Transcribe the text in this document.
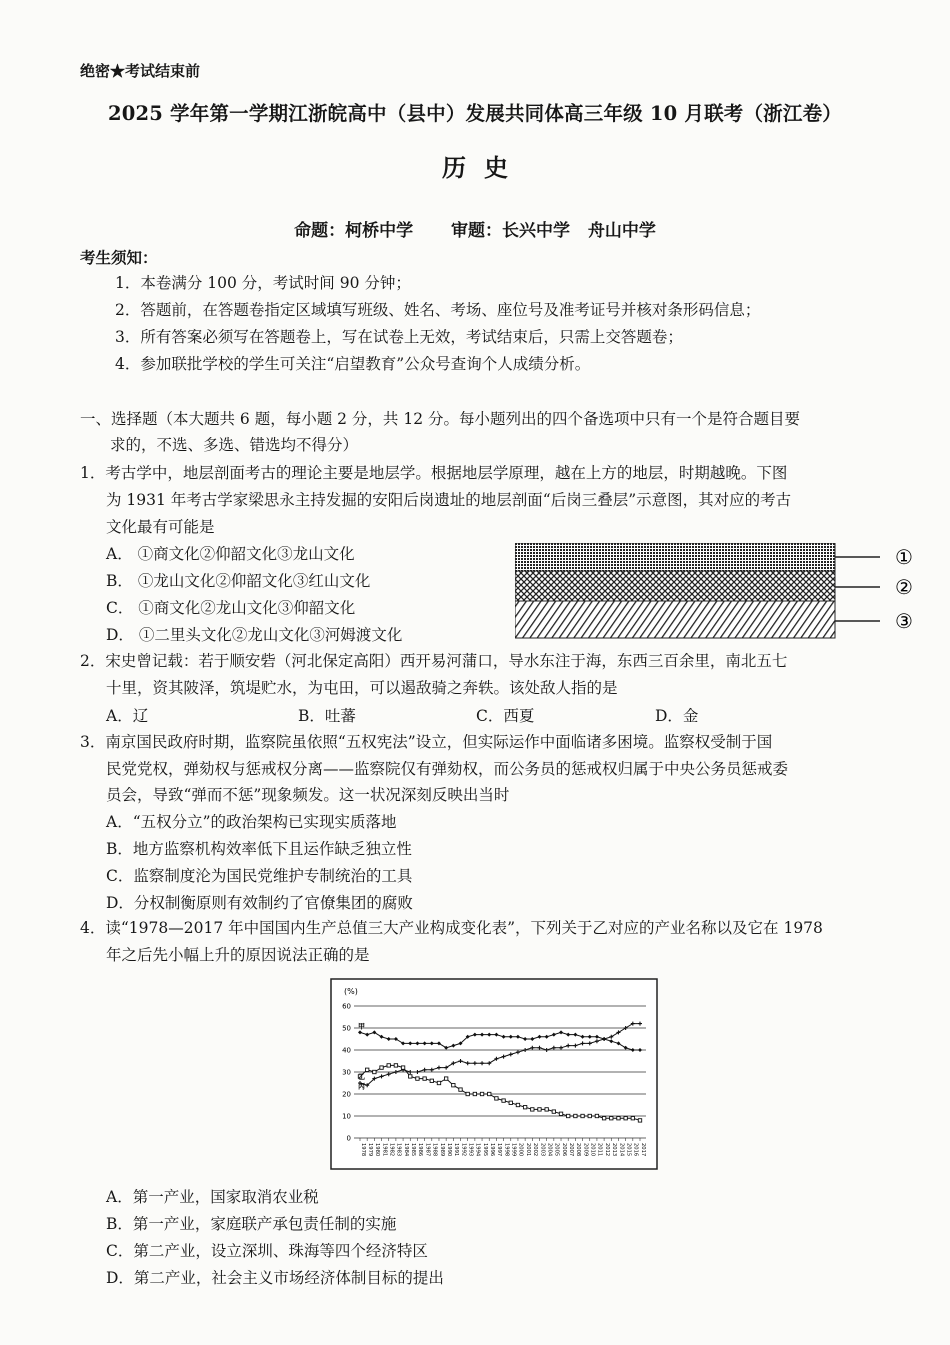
绝密★考试结束前
2025 学年第一学期江浙皖高中（县中）发展共同体高三年级 10 月联考（浙江卷）
历史
命题：柯桥中学 审题：长兴中学 舟山中学
考生须知：
1．本卷满分 100 分，考试时间 90 分钟；
2．答题前，在答题卷指定区域填写班级、姓名、考场、座位号及准考证号并核对条形码信息；
3．所有答案必须写在答题卷上，写在试卷上无效，考试结束后，只需上交答题卷；
4．参加联批学校的学生可关注“启望教育”公众号查询个人成绩分析。
一、选择题（本大题共 6 题，每小题 2 分，共 12 分。每小题列出的四个备选项中只有一个是符合题目要
求的，不选、多选、错选均不得分）
1．考古学中，地层剖面考古的理论主要是地层学。根据地层学原理，越在上方的地层，时期越晚。下图
为 1931 年考古学家梁思永主持发掘的安阳后岗遗址的地层剖面“后岗三叠层”示意图，其对应的考古
文化最有可能是
A． ①商文化②仰韶文化③龙山文化
B． ①龙山文化②仰韶文化③红山文化
C． ①商文化②龙山文化③仰韶文化
D． ①二里头文化②龙山文化③河姆渡文化
①
②
③
2．宋史曾记载：若于顺安砦（河北保定高阳）西开易河蒲口，导水东注于海，东西三百余里，南北五七
十里，资其陂泽，筑堤贮水，为屯田，可以遏敌骑之奔轶。该处敌人指的是
A．辽	B．吐蕃	C．西夏	D．金
3．南京国民政府时期，监察院虽依照“五权宪法”设立，但实际运作中面临诸多困境。监察权受制于国
民党党权，弹劾权与惩戒权分离——监察院仅有弹劾权，而公务员的惩戒权归属于中央公务员惩戒委
员会，导致“弹而不惩”现象频发。这一状况深刻反映出当时
A．“五权分立”的政治架构已实现实质落地
B．地方监察机构效率低下且运作缺乏独立性
C．监察制度沦为国民党维护专制统治的工具
D．分权制衡原则有效制约了官僚集团的腐败
4．读“1978—2017 年中国国内生产总值三大产业构成变化表”，下列关于乙对应的产业名称以及它在 1978
年之后先小幅上升的原因说法正确的是
(%)
0
10
20
30
40
50
60
1978 1979 1980 1981 1982 1983 1984 1985 1986 1987 1988 1989 1990 1991 1992 1993 1994 1995 1996 1997 1998 1999 2000 2001 2002 2003 2004 2005 2006 2007 2008 2009 2010 2011 2012 2013 2014 2015 2016 2017
甲
乙
丙
A．第一产业，国家取消农业税
B．第一产业，家庭联产承包责任制的实施
C．第二产业，设立深圳、珠海等四个经济特区
D．第二产业，社会主义市场经济体制目标的提出
